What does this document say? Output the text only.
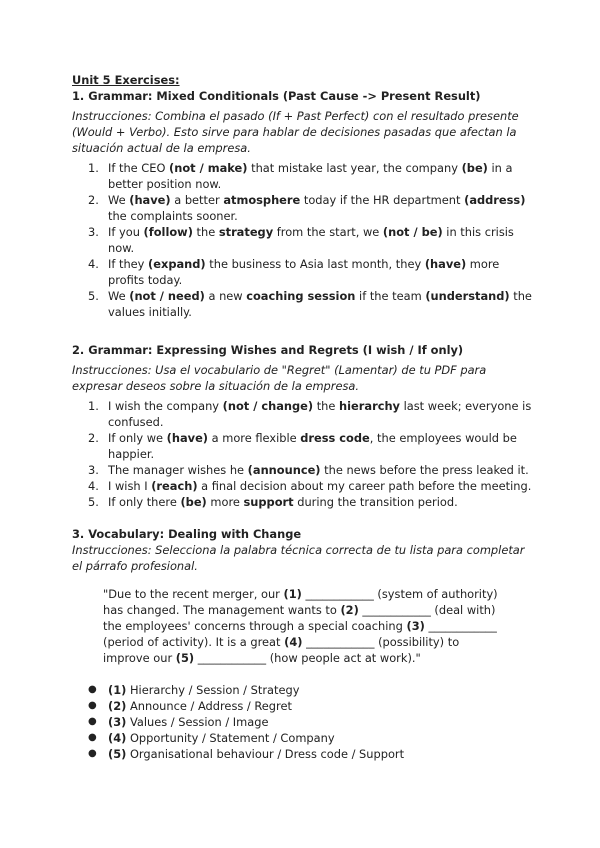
Unit 5 Exercises:

1. Grammar: Mixed Conditionals (Past Cause -> Present Result)

Instrucciones: Combina el pasado (If + Past Perfect) con el resultado presente (Would + Verbo). Esto sirve para hablar de decisiones pasadas que afectan la situación actual de la empresa.

1. If the CEO (not / make) that mistake last year, the company (be) in a better position now.
2. We (have) a better atmosphere today if the HR department (address) the complaints sooner.
3. If you (follow) the strategy from the start, we (not / be) in this crisis now.
4. If they (expand) the business to Asia last month, they (have) more profits today.
5. We (not / need) a new coaching session if the team (understand) the values initially.
2. Grammar: Expressing Wishes and Regrets (I wish / If only)

Instrucciones: Usa el vocabulario de "Regret" (Lamentar) de tu PDF para expresar deseos sobre la situación de la empresa.

1. I wish the company (not / change) the hierarchy last week; everyone is confused.
2. If only we (have) a more flexible dress code, the employees would be happier.
3. The manager wishes he (announce) the news before the press leaked it.
4. I wish I (reach) a final decision about my career path before the meeting.
5. If only there (be) more support during the transition period.
3. Vocabulary: Dealing with Change

Instrucciones: Selecciona la palabra técnica correcta de tu lista para completar el párrafo profesional.

"Due to the recent merger, our (1) ____________ (system of authority) has changed. The management wants to (2) ____________ (deal with) the employees' concerns through a special coaching (3) ____________ (period of activity). It is a great (4) ____________ (possibility) to improve our (5) ____________ (how people act at work)."

● (1) Hierarchy / Session / Strategy
● (2) Announce / Address / Regret
● (3) Values / Session / Image
● (4) Opportunity / Statement / Company
● (5) Organisational behaviour / Dress code / Support
